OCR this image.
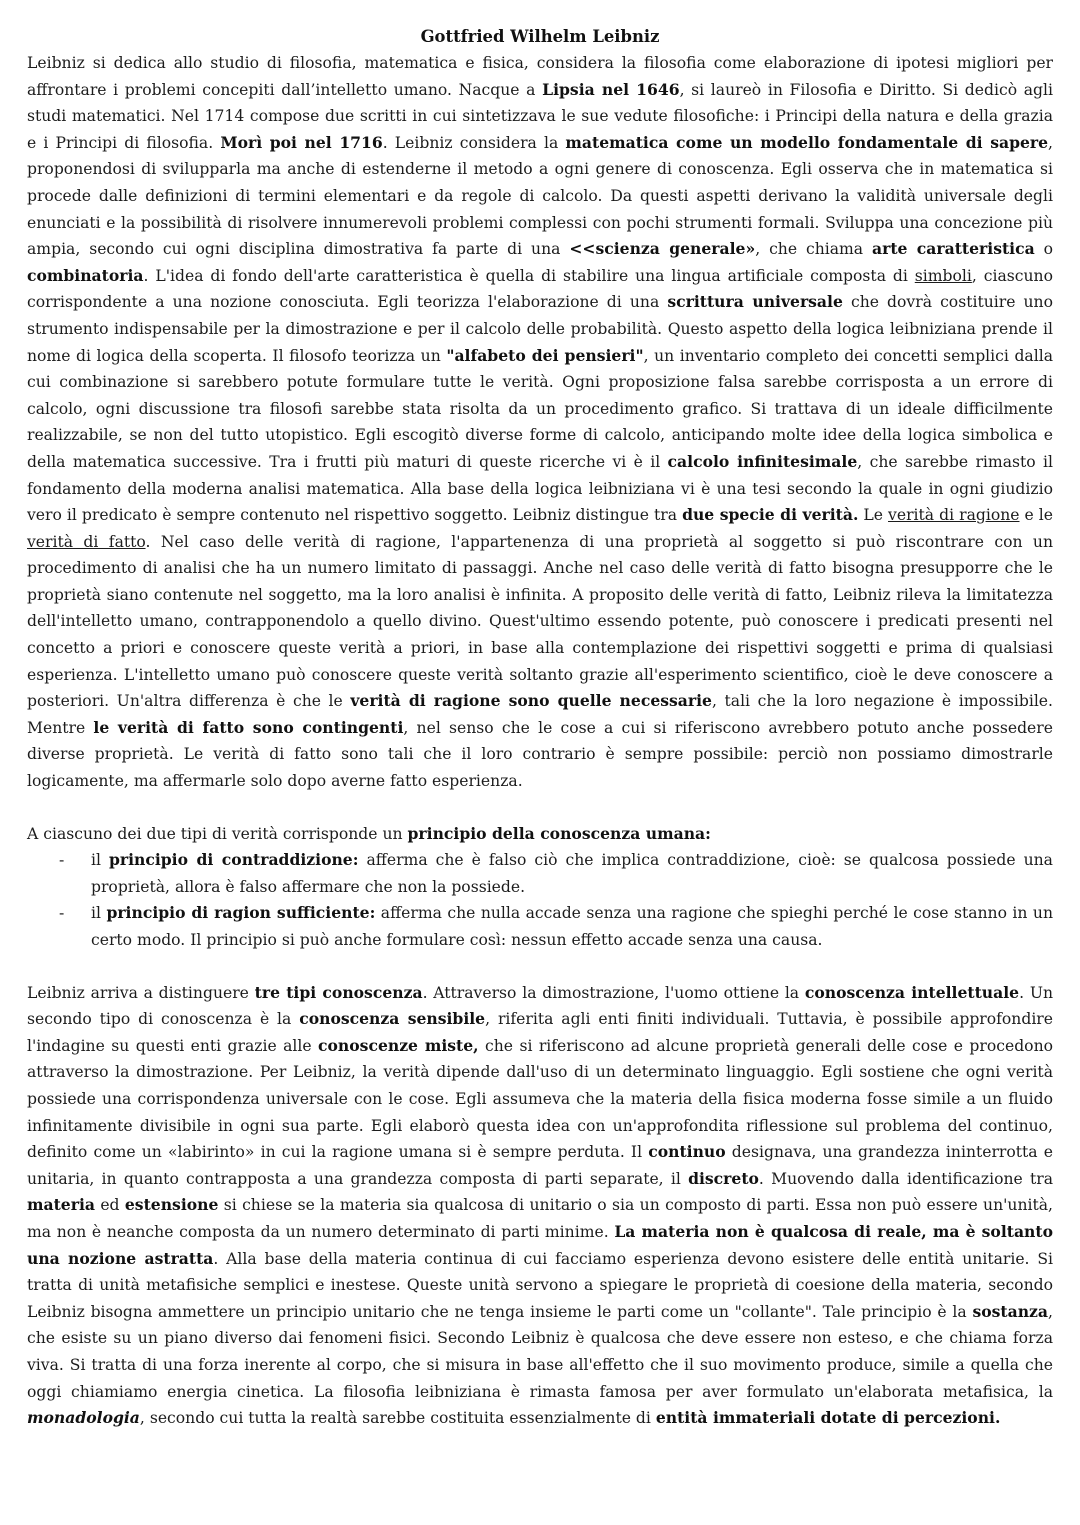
Gottfried Wilhelm Leibniz

Leibniz si dedica allo studio di filosofia, matematica e fisica, considera la filosofia come elaborazione di ipotesi migliori per affrontare i problemi concepiti dall’intelletto umano. Nacque a Lipsia nel 1646, si laureò in Filosofia e Diritto. Si dedicò agli studi matematici. Nel 1714 compose due scritti in cui sintetizzava le sue vedute filosofiche: i Principi della natura e della grazia e i Principi di filosofia. Morì poi nel 1716. Leibniz considera la matematica come un modello fondamentale di sapere, proponendosi di svilupparla ma anche di estenderne il metodo a ogni genere di conoscenza. Egli osserva che in matematica si procede dalle definizioni di termini elementari e da regole di calcolo. Da questi aspetti derivano la validità universale degli enunciati e la possibilità di risolvere innumerevoli problemi complessi con pochi strumenti formali. Sviluppa una concezione più ampia, secondo cui ogni disciplina dimostrativa fa parte di una <<scienza generale», che chiama arte caratteristica o combinatoria. L'idea di fondo dell'arte caratteristica è quella di stabilire una lingua artificiale composta di simboli, ciascuno corrispondente a una nozione conosciuta. Egli teorizza l'elaborazione di una scrittura universale che dovrà costituire uno strumento indispensabile per la dimostrazione e per il calcolo delle probabilità. Questo aspetto della logica leibniziana prende il nome di logica della scoperta. Il filosofo teorizza un "alfabeto dei pensieri", un inventario completo dei concetti semplici dalla cui combinazione si sarebbero potute formulare tutte le verità. Ogni proposizione falsa sarebbe corrisposta a un errore di calcolo, ogni discussione tra filosofi sarebbe stata risolta da un procedimento grafico. Si trattava di un ideale difficilmente realizzabile, se non del tutto utopistico. Egli escogitò diverse forme di calcolo, anticipando molte idee della logica simbolica e della matematica successive. Tra i frutti più maturi di queste ricerche vi è il calcolo infinitesimale, che sarebbe rimasto il fondamento della moderna analisi matematica. Alla base della logica leibniziana vi è una tesi secondo la quale in ogni giudizio vero il predicato è sempre contenuto nel rispettivo soggetto. Leibniz distingue tra due specie di verità. Le verità di ragione e le verità di fatto. Nel caso delle verità di ragione, l'appartenenza di una proprietà al soggetto si può riscontrare con un procedimento di analisi che ha un numero limitato di passaggi. Anche nel caso delle verità di fatto bisogna presupporre che le proprietà siano contenute nel soggetto, ma la loro analisi è infinita. A proposito delle verità di fatto, Leibniz rileva la limitatezza dell'intelletto umano, contrapponendolo a quello divino. Quest'ultimo essendo potente, può conoscere i predicati presenti nel concetto a priori e conoscere queste verità a priori, in base alla contemplazione dei rispettivi soggetti e prima di qualsiasi esperienza. L'intelletto umano può conoscere queste verità soltanto grazie all'esperimento scientifico, cioè le deve conoscere a posteriori. Un'altra differenza è che le verità di ragione sono quelle necessarie, tali che la loro negazione è impossibile. Mentre le verità di fatto sono contingenti, nel senso che le cose a cui si riferiscono avrebbero potuto anche possedere diverse proprietà. Le verità di fatto sono tali che il loro contrario è sempre possibile: perciò non possiamo dimostrarle logicamente, ma affermarle solo dopo averne fatto esperienza.

A ciascuno dei due tipi di verità corrisponde un principio della conoscenza umana:

- il principio di contraddizione: afferma che è falso ciò che implica contraddizione, cioè: se qualcosa possiede una proprietà, allora è falso affermare che non la possiede.
- il principio di ragion sufficiente: afferma che nulla accade senza una ragione che spieghi perché le cose stanno in un certo modo. Il principio si può anche formulare così: nessun effetto accade senza una causa.

Leibniz arriva a distinguere tre tipi conoscenza. Attraverso la dimostrazione, l'uomo ottiene la conoscenza intellettuale. Un secondo tipo di conoscenza è la conoscenza sensibile, riferita agli enti finiti individuali. Tuttavia, è possibile approfondire l'indagine su questi enti grazie alle conoscenze miste, che si riferiscono ad alcune proprietà generali delle cose e procedono attraverso la dimostrazione. Per Leibniz, la verità dipende dall'uso di un determinato linguaggio. Egli sostiene che ogni verità possiede una corrispondenza universale con le cose. Egli assumeva che la materia della fisica moderna fosse simile a un fluido infinitamente divisibile in ogni sua parte. Egli elaborò questa idea con un'approfondita riflessione sul problema del continuo, definito come un «labirinto» in cui la ragione umana si è sempre perduta. Il continuo designava, una grandezza ininterrotta e unitaria, in quanto contrapposta a una grandezza composta di parti separate, il discreto. Muovendo dalla identificazione tra materia ed estensione si chiese se la materia sia qualcosa di unitario o sia un composto di parti. Essa non può essere un'unità, ma non è neanche composta da un numero determinato di parti minime. La materia non è qualcosa di reale, ma è soltanto una nozione astratta. Alla base della materia continua di cui facciamo esperienza devono esistere delle entità unitarie. Si tratta di unità metafisiche semplici e inestese. Queste unità servono a spiegare le proprietà di coesione della materia, secondo Leibniz bisogna ammettere un principio unitario che ne tenga insieme le parti come un "collante". Tale principio è la sostanza, che esiste su un piano diverso dai fenomeni fisici. Secondo Leibniz è qualcosa che deve essere non esteso, e che chiama forza viva. Si tratta di una forza inerente al corpo, che si misura in base all'effetto che il suo movimento produce, simile a quella che oggi chiamiamo energia cinetica. La filosofia leibniziana è rimasta famosa per aver formulato un'elaborata metafisica, la monadologia, secondo cui tutta la realtà sarebbe costituita essenzialmente di entità immateriali dotate di percezioni.
